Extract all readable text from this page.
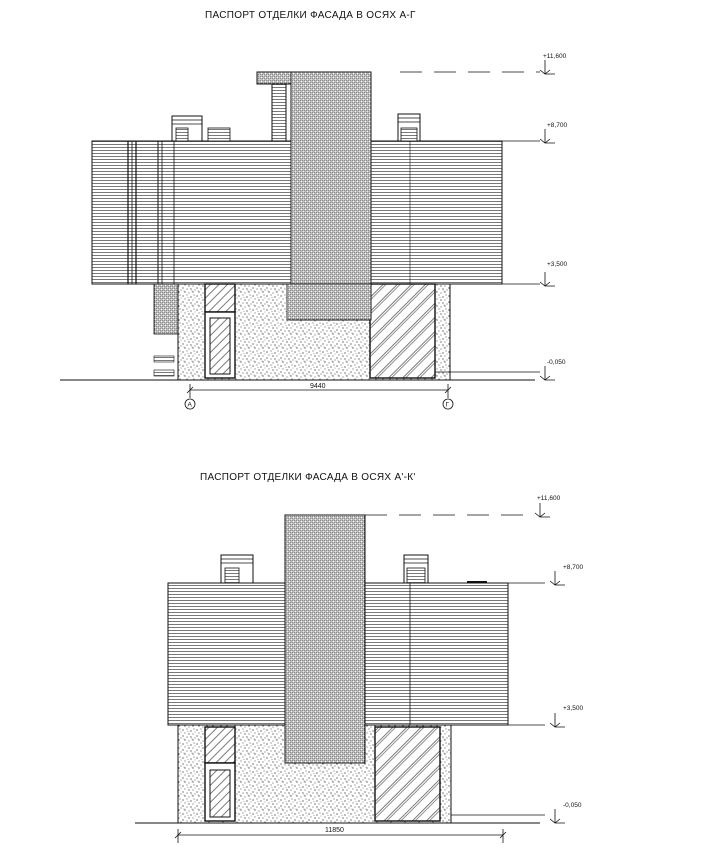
ПАСПОРТ ОТДЕЛКИ ФАСАДА В ОСЯХ А-Г
ПАСПОРТ ОТДЕЛКИ ФАСАДА В ОСЯХ А'-К'
+11,600
+8,700
+3,500
-0,050
9440
А	Г
+11,600
+8,700
+3,500
-0,050
11850
